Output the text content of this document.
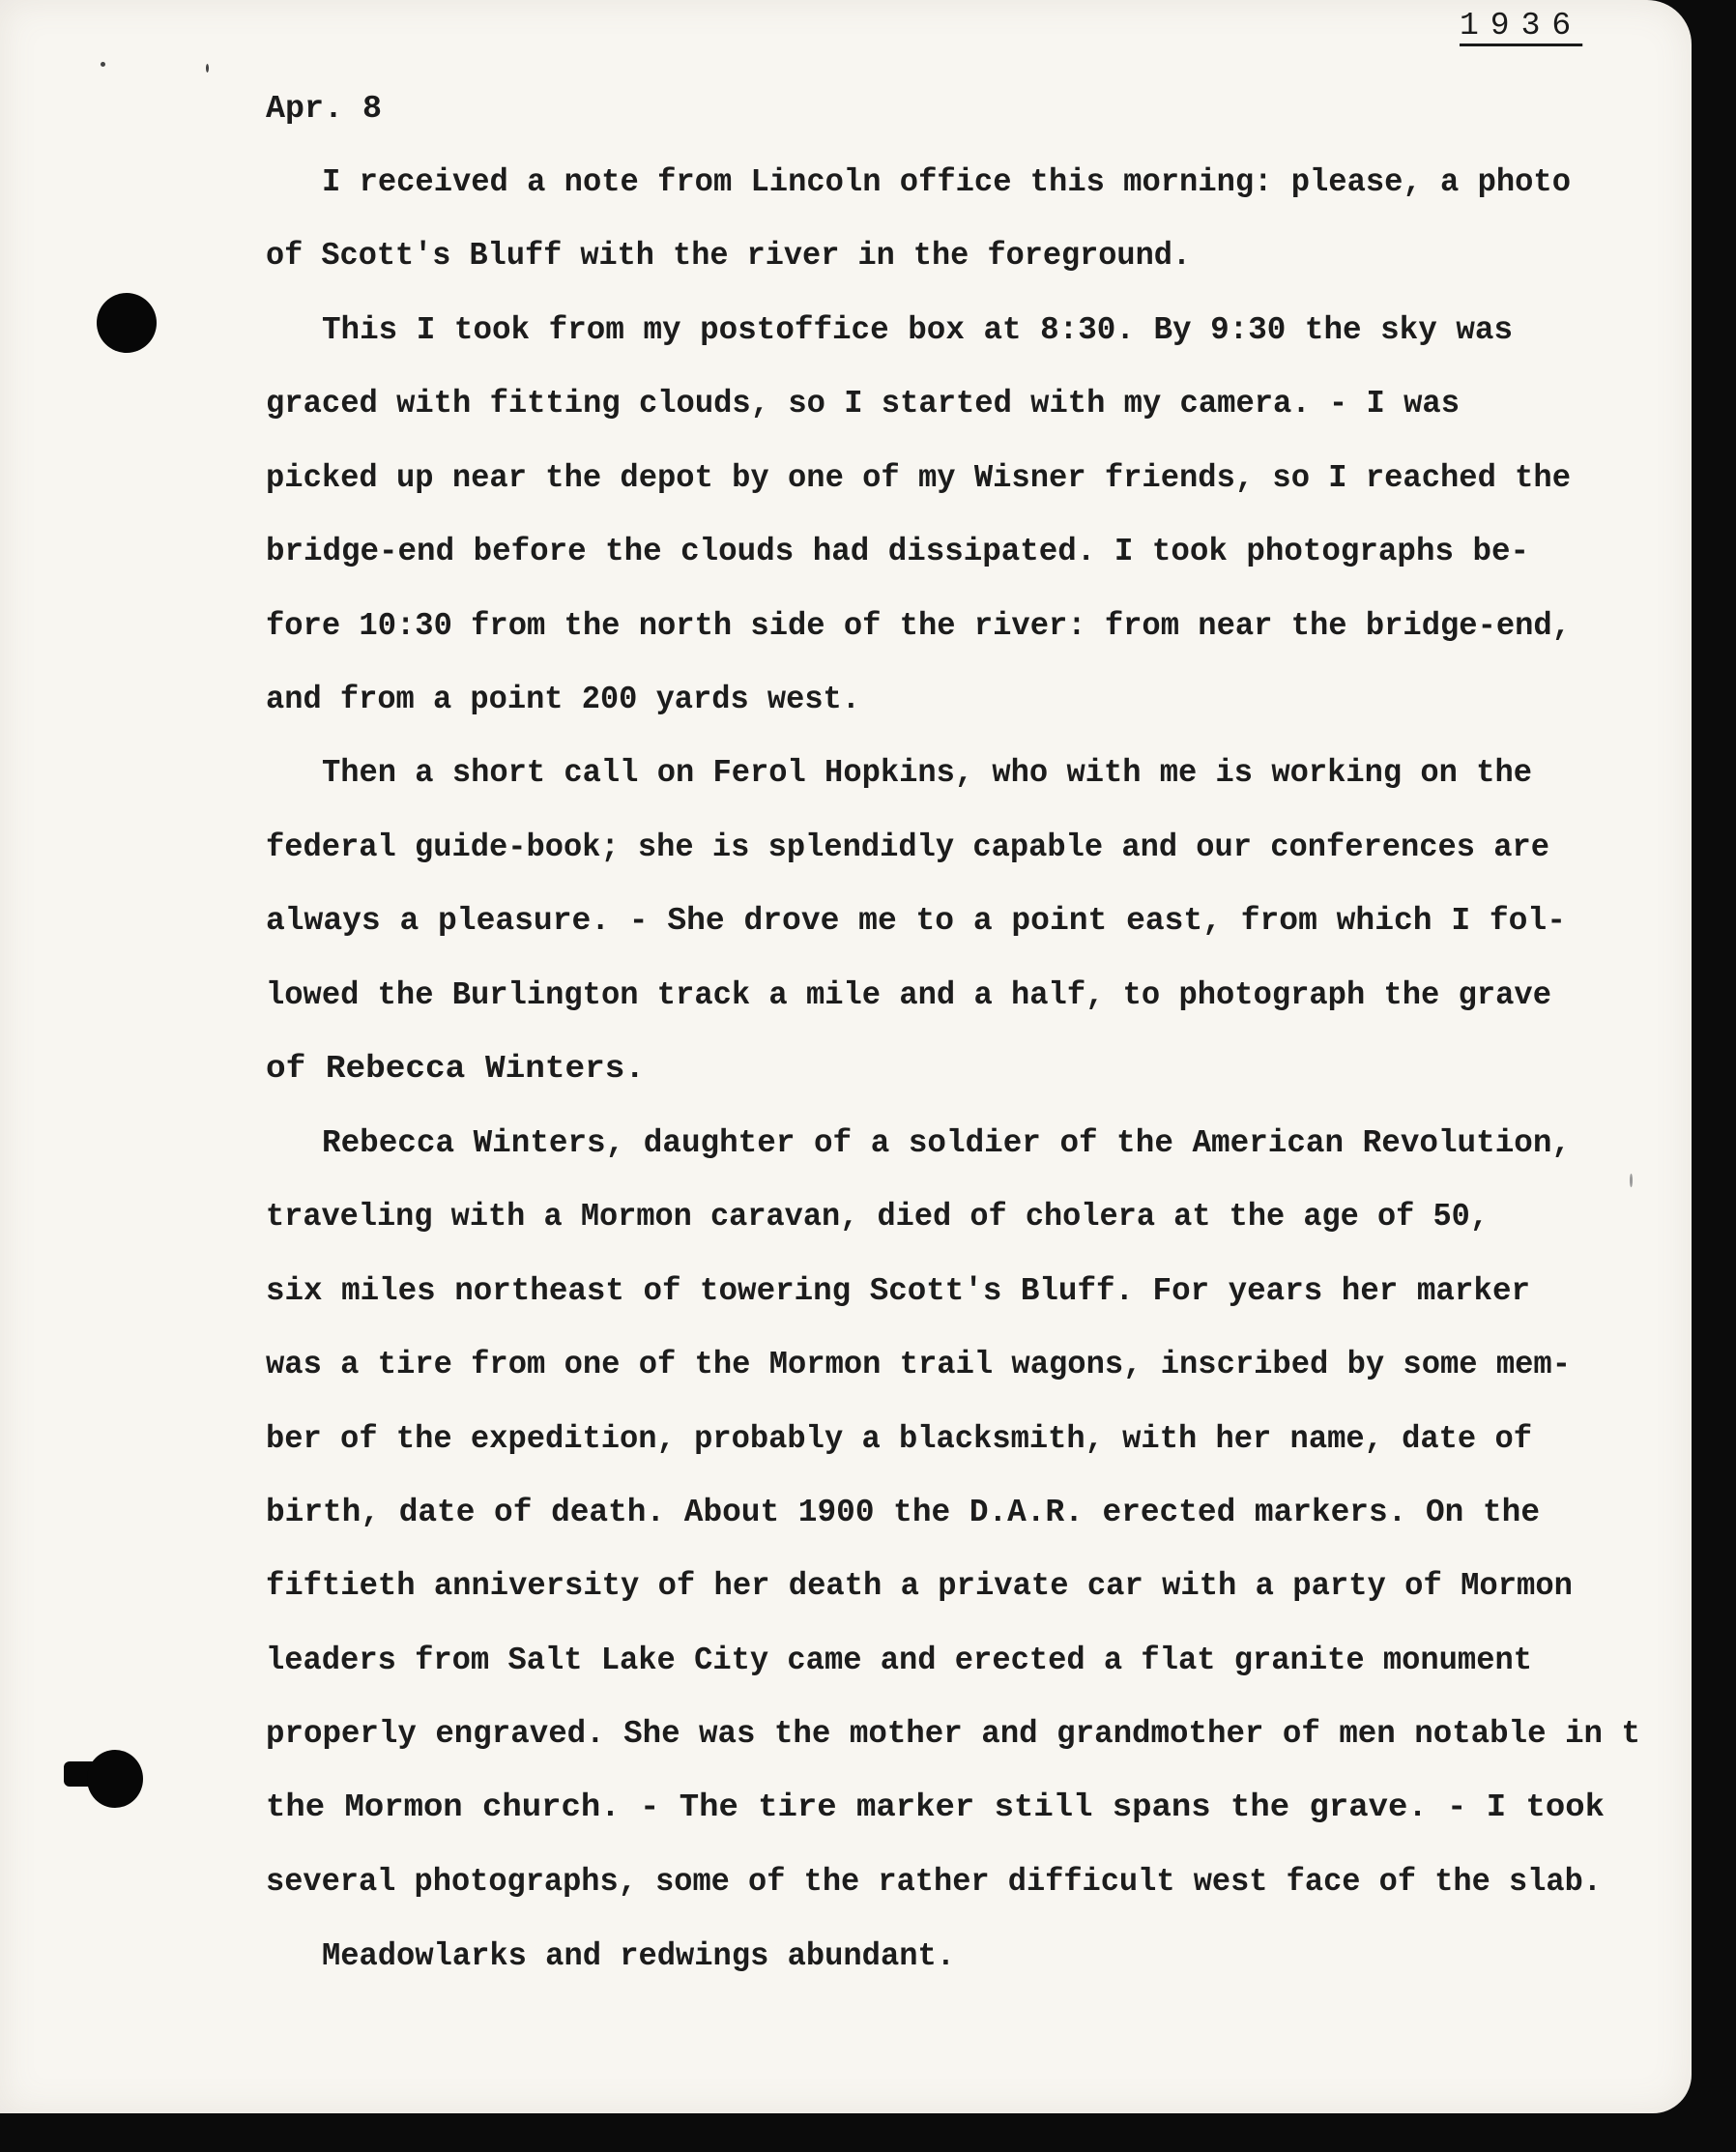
1936
Apr. 8
I received a note from Lincoln office this morning: please, a photo
of Scott's Bluff with the river in the foreground.
This I took from my postoffice box at 8:30. By 9:30 the sky was
graced with fitting clouds, so I started with my camera. - I was
picked up near the depot by one of my Wisner friends, so I reached the
bridge-end before the clouds had dissipated. I took photographs be-
fore 10:30 from the north side of the river: from near the bridge-end,
and from a point 200 yards west.
Then a short call on Ferol Hopkins, who with me is working on the
federal guide-book; she is splendidly capable and our conferences are
always a pleasure. - She drove me to a point east, from which I fol-
lowed the Burlington track a mile and a half, to photograph the grave
of Rebecca Winters.
Rebecca Winters, daughter of a soldier of the American Revolution,
traveling with a Mormon caravan, died of cholera at the age of 50,
six miles northeast of towering Scott's Bluff. For years her marker
was a tire from one of the Mormon trail wagons, inscribed by some mem-
ber of the expedition, probably a blacksmith, with her name, date of
birth, date of death. About 1900 the D.A.R. erected markers. On the
fiftieth anniversity of her death a private car with a party of Mormon
leaders from Salt Lake City came and erected a flat granite monument
properly engraved. She was the mother and grandmother of men notable in t
the Mormon church. - The tire marker still spans the grave. - I took
several photographs, some of the rather difficult west face of the slab.
Meadowlarks and redwings abundant.
